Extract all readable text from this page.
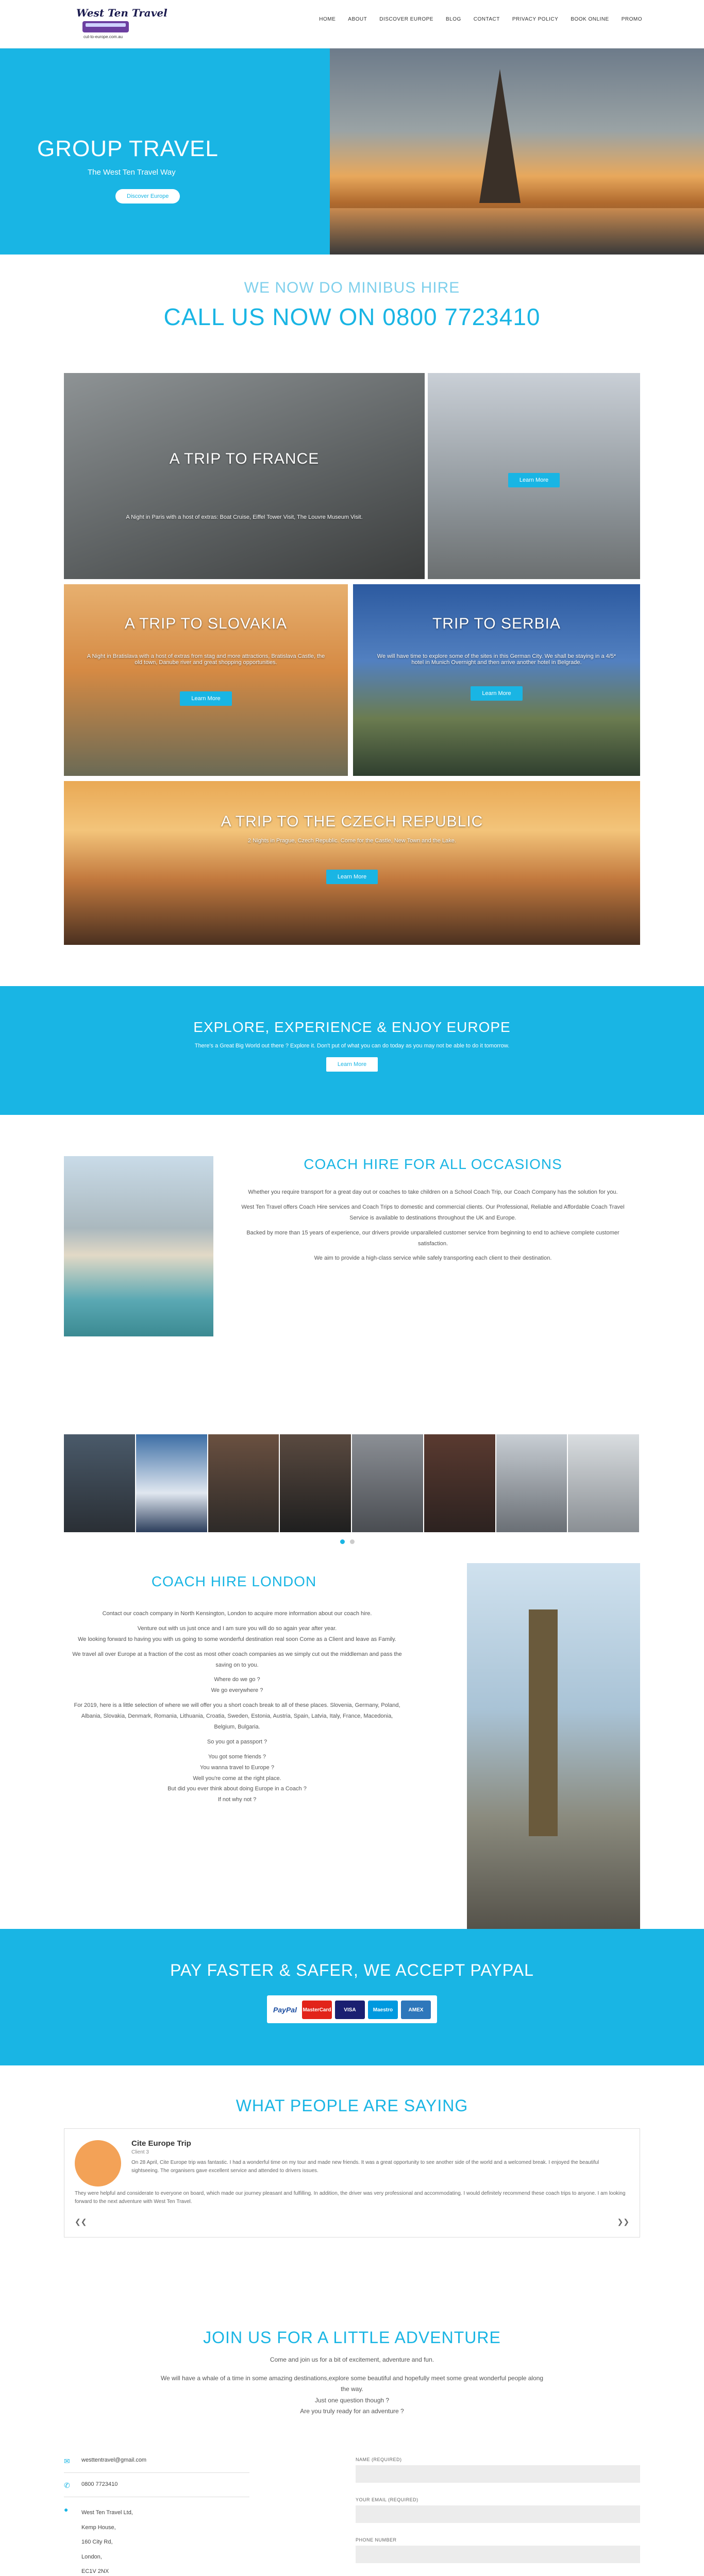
West Ten Travel
cut-to-europe.com.au
HOME ABOUT DISCOVER EUROPE BLOG CONTACT PRIVACY POLICY BOOK ONLINE PROMO
GROUP TRAVEL

The West Ten Travel Way

Discover Europe
WE NOW DO MINIBUS HIRE
CALL US NOW ON 0800 7723410
A TRIP TO FRANCE
A Night in Paris with a host of extras: Boat Cruise, Eiffel Tower Visit, The Louvre Museum Visit.
Learn More
A TRIP TO SLOVAKIA
A Night in Bratislava with a host of extras from stag and more attractions, Bratislava Castle, the old town, Danube river and great shopping opportunities.
Learn More
TRIP TO SERBIA
We will have time to explore some of the sites in this German City. We shall be staying in a 4/5* hotel in Munich Overnight and then arrive another hotel in Belgrade.
Learn More
A TRIP TO THE CZECH REPUBLIC
2 Nights in Prague, Czech Republic. Come for the Castle, New Town and the Lake.
Learn More
EXPLORE, EXPERIENCE & ENJOY EUROPE

There's a Great Big World out there ? Explore it. Don't put of what you can do today as you may not be able to do it tomorrow.

Learn More
COACH HIRE FOR ALL OCCASIONS

Whether you require transport for a great day out or coaches to take children on a School Coach Trip, our Coach Company has the solution for you.

West Ten Travel offers Coach Hire services and Coach Trips to domestic and commercial clients. Our Professional, Reliable and Affordable Coach Travel Service is available to destinations throughout the UK and Europe.

Backed by more than 15 years of experience, our drivers provide unparalleled customer service from beginning to end to achieve complete customer satisfaction.

We aim to provide a high-class service while safely transporting each client to their destination.

COACH HIRE LONDON

Contact our coach company in North Kensington, London to acquire more information about our coach hire.

Venture out with us just once and I am sure you will do so again year after year.

We looking forward to having you with us going to some wonderful destination real soon Come as a Client and leave as Family.

We travel all over Europe at a fraction of the cost as most other coach companies as we simply cut out the middleman and pass the saving on to you.

Where do we go ?

We go everywhere ?

For 2019, here is a little selection of where we will offer you a short coach break to all of these places. Slovenia, Germany, Poland, Albania, Slovakia, Denmark, Romania, Lithuania, Croatia, Sweden, Estonia, Austria, Spain, Latvia, Italy, France, Macedonia, Belgium, Bulgaria.

So you got a passport ?

You got some friends ?

You wanna travel to Europe ?

Well you're come at the right place.

But did you ever think about doing Europe in a Coach ?

If not why not ?

PAY FASTER & SAFER, WE ACCEPT PAYPAL
PayPal MasterCard	VISA	Maestro	AMEX
WHAT PEOPLE ARE SAYING
Cite Europe Trip
Client 3
On 28 April, Cite Europe trip was fantastic. I had a wonderful time on my tour and made new friends. It was a great opportunity to see another side of the world and a welcomed break. I enjoyed the beautiful sightseeing. The organisers gave excellent service and attended to drivers issues.
They were helpful and considerate to everyone on board, which made our journey pleasant and fulfilling. In addition, the driver was very professional and accommodating. I would definitely recommend these coach trips to anyone. I am looking forward to the next adventure with West Ten Travel.
❮❮	❯❯
JOIN US FOR A LITTLE ADVENTURE

Come and join us for a bit of excitement, adventure and fun.

We will have a whale of a time in some amazing destinations,explore some beautiful and hopefully meet some great wonderful people along the way.

Just one question though ?

Are you truly ready for an adventure ?

✉	westtentravel@gmail.com
✆	0800 7723410
●	West Ten Travel Ltd,
Kemp House,
160 City Rd,
London,
EC1V 2NX
NAME (REQUIRED)
YOUR EMAIL (REQUIRED)
PHONE NUMBER
